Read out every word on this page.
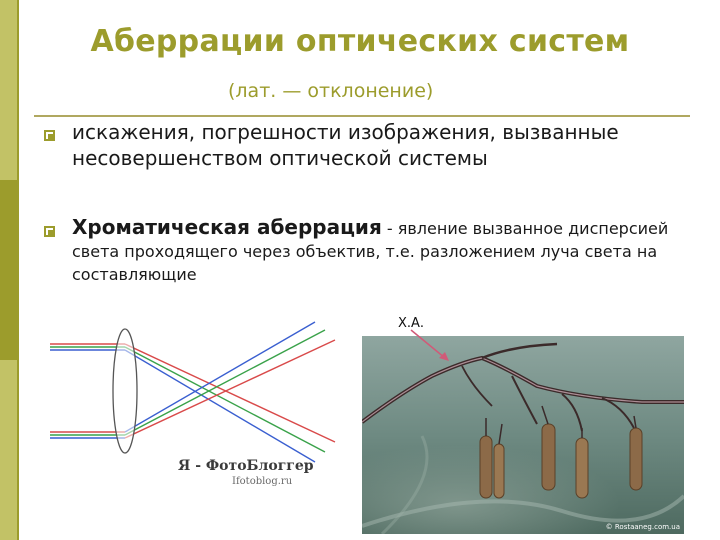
Аберрации оптических систем
(лат. — отклонение)
искажения, погрешности изображения, вызванные несовершенством оптической системы
Хроматическая аберрация - явление вызванное дисперсией света проходящего через объектив, т.е. разложением луча света на составляющие
Я - ФотоБлоггер
Ifotoblog.ru
© Rostaaneg.com.ua
Х.А.
